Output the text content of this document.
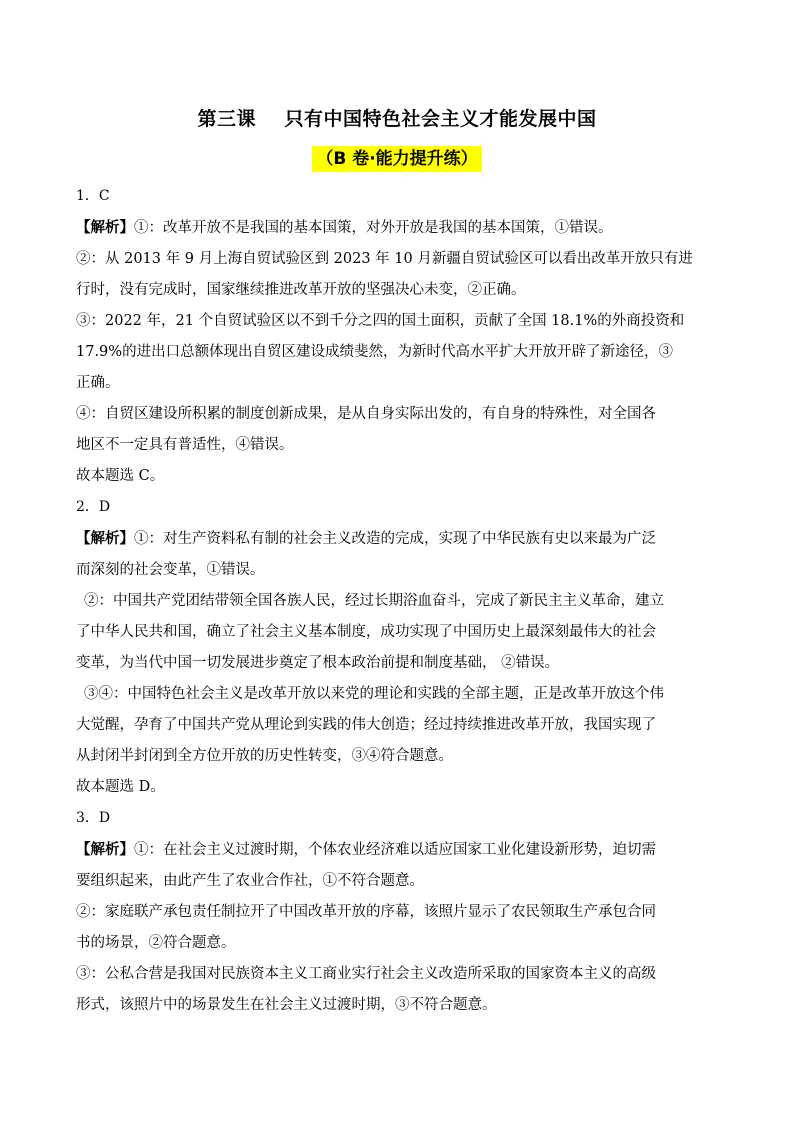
第三课    只有中国特色社会主义才能发展中国
（B 卷·能力提升练）
1．C
【解析】①：改革开放不是我国的基本国策，对外开放是我国的基本国策，①错误。
②：从 2013 年 9 月上海自贸试验区到 2023 年 10 月新疆自贸试验区可以看出改革开放只有进
行时，没有完成时，国家继续推进改革开放的坚强决心未变，②正确。
③：2022 年，21 个自贸试验区以不到千分之四的国土面积，贡献了全国 18.1%的外商投资和
17.9%的进出口总额体现出自贸区建设成绩斐然，为新时代高水平扩大开放开辟了新途径，③
正确。
④：自贸区建设所积累的制度创新成果，是从自身实际出发的，有自身的特殊性，对全国各
地区不一定具有普适性，④错误。
故本题选 C。
2．D
【解析】①：对生产资料私有制的社会主义改造的完成，实现了中华民族有史以来最为广泛
而深刻的社会变革，①错误。
②：中国共产党团结带领全国各族人民，经过长期浴血奋斗，完成了新民主主义革命，建立
了中华人民共和国，确立了社会主义基本制度，成功实现了中国历史上最深刻最伟大的社会
变革，为当代中国一切发展进步奠定了根本政治前提和制度基础， ②错误。
③④：中国特色社会主义是改革开放以来党的理论和实践的全部主题，正是改革开放这个伟
大觉醒，孕育了中国共产党从理论到实践的伟大创造；经过持续推进改革开放，我国实现了
从封闭半封闭到全方位开放的历史性转变，③④符合题意。
故本题选 D。
3．D
【解析】①：在社会主义过渡时期，个体农业经济难以适应国家工业化建设新形势，迫切需
要组织起来，由此产生了农业合作社，①不符合题意。
②：家庭联产承包责任制拉开了中国改革开放的序幕，该照片显示了农民领取生产承包合同
书的场景，②符合题意。
③：公私合营是我国对民族资本主义工商业实行社会主义改造所采取的国家资本主义的高级
形式，该照片中的场景发生在社会主义过渡时期，③不符合题意。
